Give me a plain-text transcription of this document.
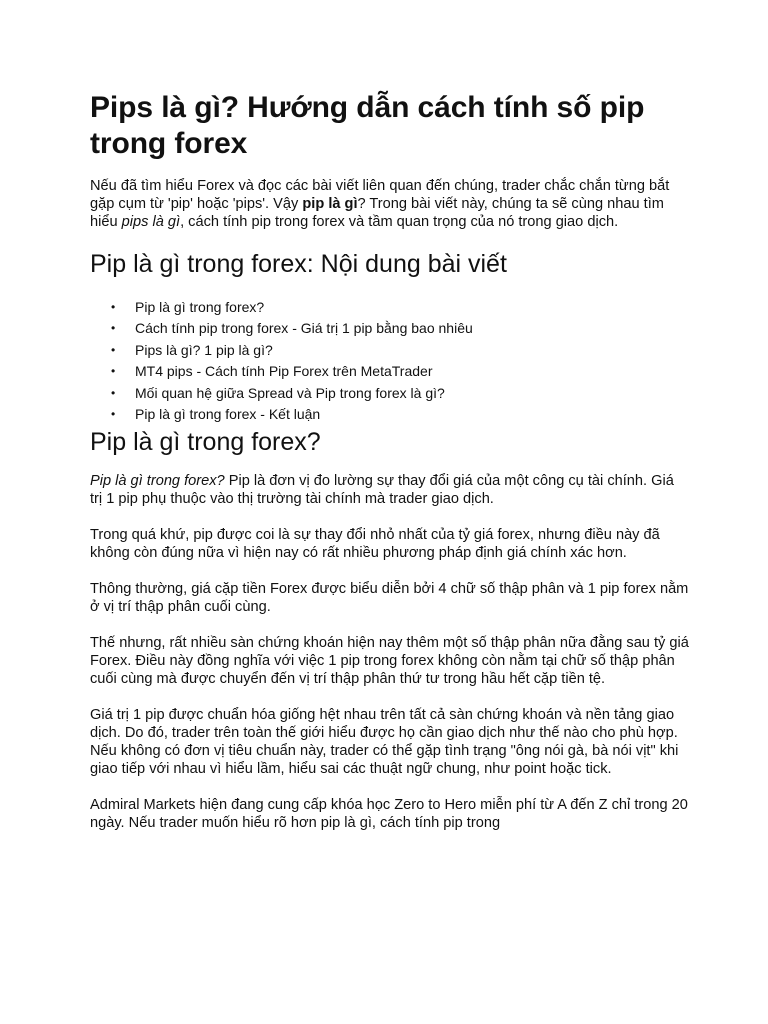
Pips là gì? Hướng dẫn cách tính số pip trong forex

Nếu đã tìm hiểu Forex và đọc các bài viết liên quan đến chúng, trader chắc chắn từng bắt gặp cụm từ 'pip' hoặc 'pips'. Vậy pip là gì? Trong bài viết này, chúng ta sẽ cùng nhau tìm hiểu pips là gì, cách tính pip trong forex và tầm quan trọng của nó trong giao dịch.

Pip là gì trong forex: Nội dung bài viết
• Pip là gì trong forex?
• Cách tính pip trong forex - Giá trị 1 pip bằng bao nhiêu
• Pips là gì? 1 pip là gì?
• MT4 pips - Cách tính Pip Forex trên MetaTrader
• Mối quan hệ giữa Spread và Pip trong forex là gì?
• Pip là gì trong forex - Kết luận
Pip là gì trong forex?

Pip là gì trong forex? Pip là đơn vị đo lường sự thay đổi giá của một công cụ tài chính. Giá trị 1 pip phụ thuộc vào thị trường tài chính mà trader giao dịch.

Trong quá khứ, pip được coi là sự thay đổi nhỏ nhất của tỷ giá forex, nhưng điều này đã không còn đúng nữa vì hiện nay có rất nhiều phương pháp định giá chính xác hơn.

Thông thường, giá cặp tiền Forex được biểu diễn bởi 4 chữ số thập phân và 1 pip forex nằm ở vị trí thập phân cuối cùng.

Thế nhưng, rất nhiều sàn chứng khoán hiện nay thêm một số thập phân nữa đằng sau tỷ giá Forex. Điều này đồng nghĩa với việc 1 pip trong forex không còn nằm tại chữ số thập phân cuối cùng mà được chuyển đến vị trí thập phân thứ tư trong hầu hết cặp tiền tệ.

Giá trị 1 pip được chuẩn hóa giống hệt nhau trên tất cả sàn chứng khoán và nền tảng giao dịch. Do đó, trader trên toàn thế giới hiểu được họ cần giao dịch như thế nào cho phù hợp. Nếu không có đơn vị tiêu chuẩn này, trader có thể gặp tình trạng "ông nói gà, bà nói vịt" khi giao tiếp với nhau vì hiểu lầm, hiểu sai các thuật ngữ chung, như point hoặc tick.

Admiral Markets hiện đang cung cấp khóa học Zero to Hero miễn phí từ A đến Z chỉ trong 20 ngày. Nếu trader muốn hiểu rõ hơn pip là gì, cách tính pip trong
